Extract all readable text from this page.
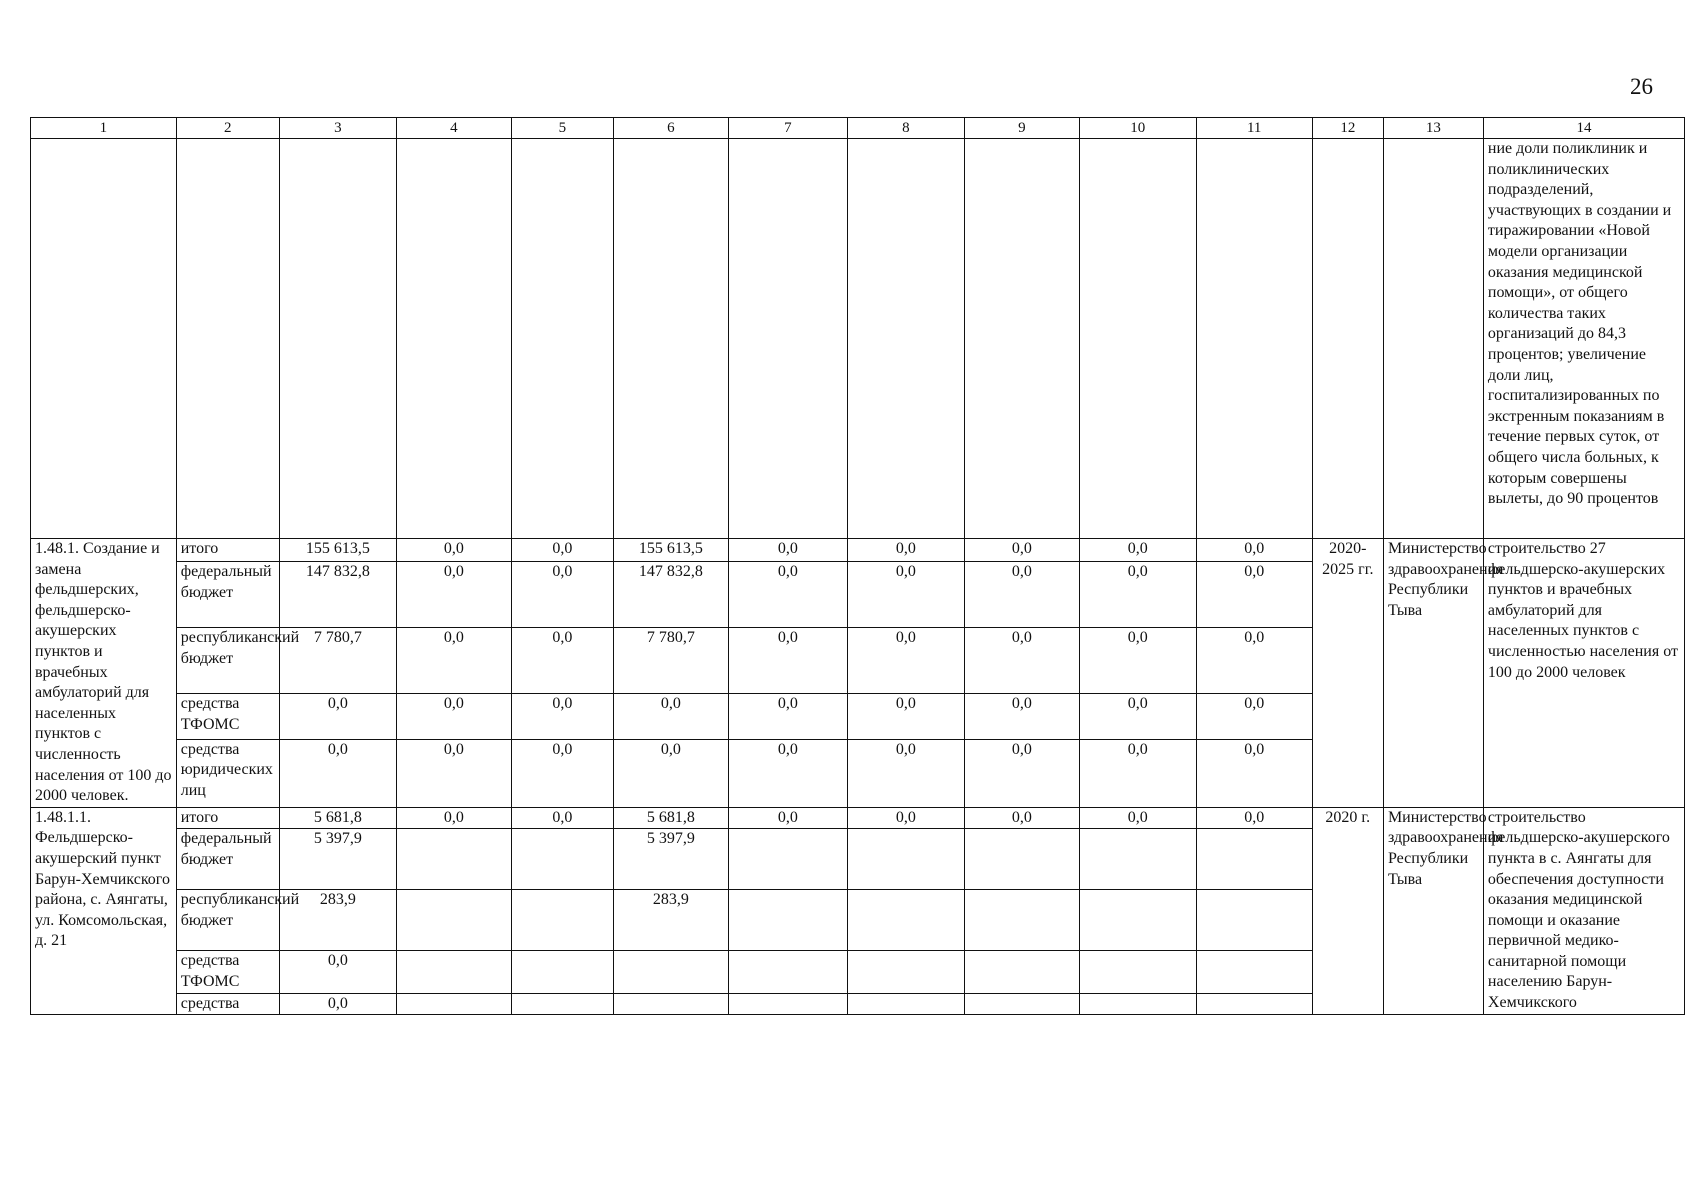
26
1	2	3	4	5	6	7	8	9	10	11	12	13	14
													ние доли поликлиник и поликлинических подразделений, участвующих в создании и тиражировании «Новой модели организации оказания медицинской помощи», от общего количества таких организаций до 84,3 процентов; увеличение доли лиц, госпитализированных по экстренным показаниям в течение первых суток, от общего числа больных, к которым совершены вылеты, до 90 процентов
1.48.1. Создание и замена фельдшерских, фельдшерско-акушерских пунктов и врачебных амбулаторий для населенных пунктов с численность населения от 100 до 2000 человек.	итого	155 613,5	0,0	0,0	155 613,5	0,0	0,0	0,0	0,0	0,0	2020-2025 гг.	Министерство здравоохранения Республики Тыва	строительство 27 фельдшерско-акушерских пунктов и врачебных амбулаторий для населенных пунктов с численностью населения от 100 до 2000 человек
	федеральный бюджет	147 832,8	0,0	0,0	147 832,8	0,0	0,0	0,0	0,0	0,0			
	республиканский бюджет	7 780,7	0,0	0,0	7 780,7	0,0	0,0	0,0	0,0	0,0			
	средства ТФОМС	0,0	0,0	0,0	0,0	0,0	0,0	0,0	0,0	0,0			
	средства юридических лиц	0,0	0,0	0,0	0,0	0,0	0,0	0,0	0,0	0,0			
1.48.1.1. Фельдшерско-акушерский пункт Барун-Хемчикского района, с. Аянгаты, ул. Комсомольская, д. 21	итого	5 681,8	0,0	0,0	5 681,8	0,0	0,0	0,0	0,0	0,0	2020 г.	Министерство здравоохранения Республики Тыва	строительство фельдшерско-акушерского пункта в с. Аянгаты для обеспечения доступности оказания медицинской помощи и оказание первичной медико-санитарной помощи населению Барун-Хемчикского
	федеральный бюджет	5 397,9			5 397,9								
	республиканский бюджет	283,9			283,9								
	средства ТФОМС	0,0											
	средства	0,0											
